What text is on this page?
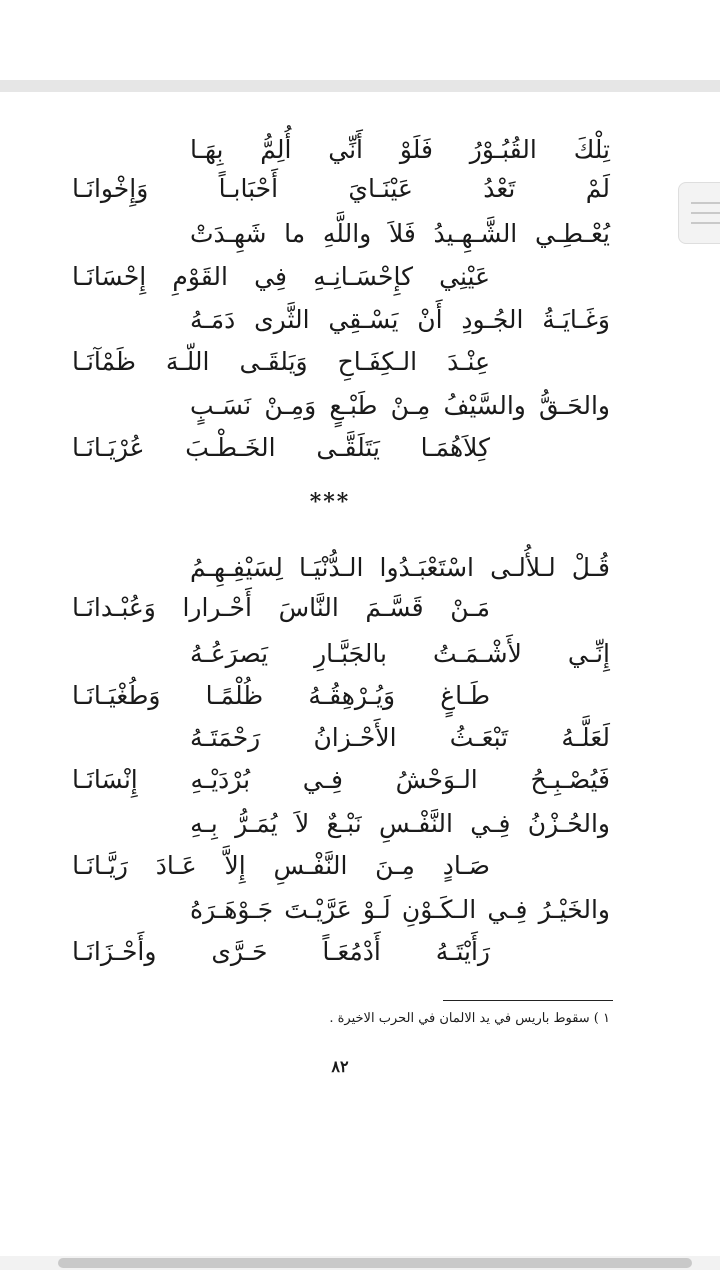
تِلْكَ
القُبُـوْرُ
فَلَوْ
أَنِّي
أُلِمُّ
بِهَـا
لَمْ
تَعْدُ
عَيْنَـايَ
أَحْبَابـاً
وَإِخْوانَـا
يُعْـطِـي
الشَّـهِـيدُ
فَلاَ
واللَّهِ
ما
شَهِـدَتْ
عَيْنِي
كإِحْسَـانِـهِ
فِي
القَوْمِ
إِحْسَانَـا
وَغَـايَـةُ
الجُـودِ
أَنْ
يَسْـقِي
الثَّرى
دَمَـهُ
عِنْـدَ
الـكِفَـاحِ
وَيَلقَـى
اللّـهَ
ظَمْآنَـا
والحَـقُّ
والسَّيْفُ
مِـنْ
طَبْـعٍ
وَمِـنْ
نَسَـبٍ
كِلاَهُمَـا
يَتَلَقَّـى
الخَـطْـبَ
عُرْيَـانَـا
***
قُـلْ
لـلأُلـى
اسْتَعْبَـدُوا
الـدُّنْيَـا
لِسَيْفِـهِـمُ
مَـنْ
قَسَّـمَ
النَّاسَ
أَحْـرارا
وَعُبْـدانَـا
إِنِّـي
لأَشْـمَـتُ
بالجَبَّـارِ
يَصرَعُـهُ
طَـاغٍ
وَيُـرْهِقُـهُ
ظُلْمًـا
وَطُغْيَـانَـا
لَعَلَّـهُ
تَبْعَـثُ
الأَحْـزانُ
رَحْمَتَـهُ
فَيُصْـبِـحُ
الـوَحْشُ
فِـي
بُرْدَيْـهِ
إِنْسَانَـا
والحُـزْنُ
فِـي
النَّفْـسِ
نَبْـعٌ
لاَ
يُمَـرُّ
بِـهِ
صَـادٍ
مِـنَ
النَّفْـسِ
إِلاَّ
عَـادَ
رَيَّـانَـا
والخَيْـرُ
فِـي
الـكَـوْنِ
لَـوْ
عَرَّيْـتَ
جَـوْهَـرَهُ
رَأَيْتَـهُ
أَدْمُعَـاً
حَـرَّى
وأَحْـزَانَـا
١ ) سقوط باريس في يد الالمان في الحرب الاخيرة .
٨٢
